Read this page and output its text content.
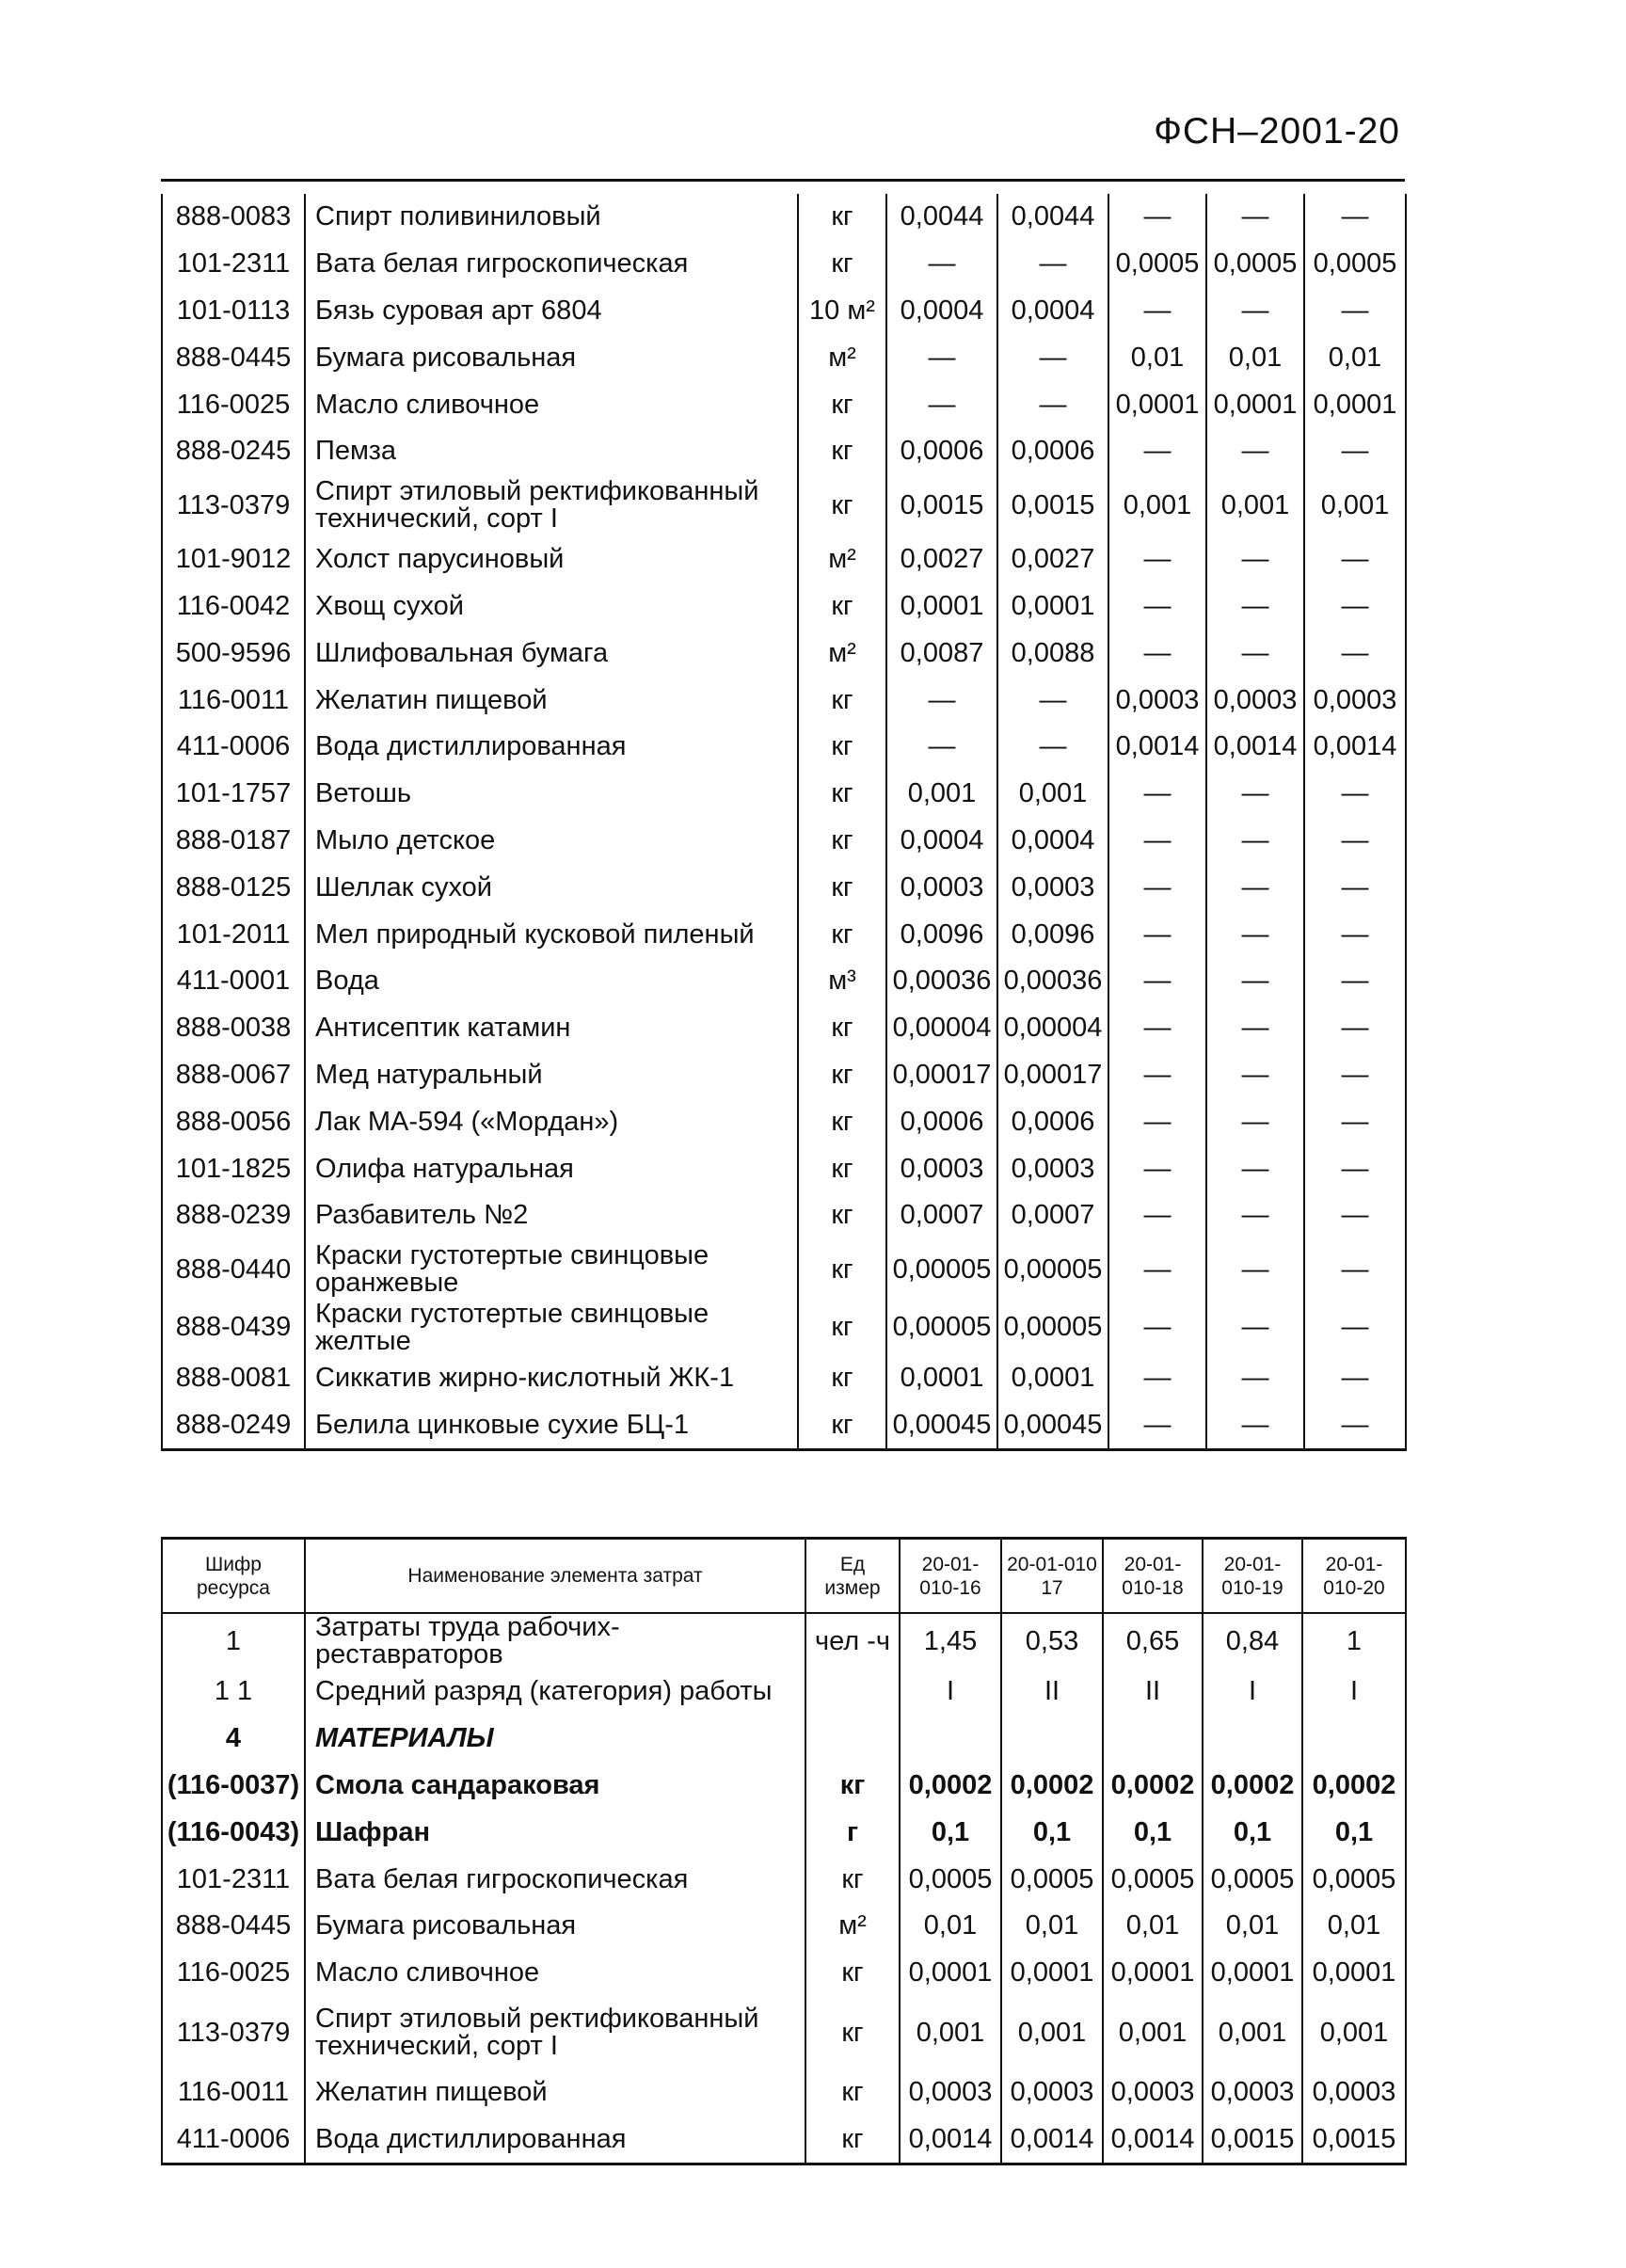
ФСН–2001-20
888-0083	Спирт поливиниловый	кг	0,0044	0,0044	—	—	—
101-2311	Вата белая гигроскопическая	кг	—	—	0,0005	0,0005	0,0005
101-0113	Бязь суровая арт 6804	10 м²	0,0004	0,0004	—	—	—
888-0445	Бумага рисовальная	м²	—	—	0,01	0,01	0,01
116-0025	Масло сливочное	кг	—	—	0,0001	0,0001	0,0001
888-0245	Пемза	кг	0,0006	0,0006	—	—	—
113-0379	Спирт этиловый ректификованный технический, сорт I	кг	0,0015	0,0015	0,001	0,001	0,001
101-9012	Холст парусиновый	м²	0,0027	0,0027	—	—	—
116-0042	Хвощ сухой	кг	0,0001	0,0001	—	—	—
500-9596	Шлифовальная бумага	м²	0,0087	0,0088	—	—	—
116-0011	Желатин пищевой	кг	—	—	0,0003	0,0003	0,0003
411-0006	Вода дистиллированная	кг	—	—	0,0014	0,0014	0,0014
101-1757	Ветошь	кг	0,001	0,001	—	—	—
888-0187	Мыло детское	кг	0,0004	0,0004	—	—	—
888-0125	Шеллак сухой	кг	0,0003	0,0003	—	—	—
101-2011	Мел природный кусковой пиленый	кг	0,0096	0,0096	—	—	—
411-0001	Вода	м³	0,00036	0,00036	—	—	—
888-0038	Антисептик катамин	кг	0,00004	0,00004	—	—	—
888-0067	Мед натуральный	кг	0,00017	0,00017	—	—	—
888-0056	Лак МА-594 («Мордан»)	кг	0,0006	0,0006	—	—	—
101-1825	Олифа натуральная	кг	0,0003	0,0003	—	—	—
888-0239	Разбавитель №2	кг	0,0007	0,0007	—	—	—
888-0440	Краски густотертые свинцовые оранжевые	кг	0,00005	0,00005	—	—	—
888-0439	Краски густотертые свинцовые желтые	кг	0,00005	0,00005	—	—	—
888-0081	Сиккатив жирно-кислотный ЖК-1	кг	0,0001	0,0001	—	—	—
888-0249	Белила цинковые сухие БЦ-1	кг	0,00045	0,00045	—	—	—
Шифр ресурса	Наименование элемента затрат	Ед измер	20-01-010-16	20-01-010 17	20-01-010-18	20-01-010-19	20-01-010-20
1	Затраты труда рабочих-реставраторов	чел -ч	1,45	0,53	0,65	0,84	1
1 1	Средний разряд (категория) работы		I	II	II	I	I
4	МАТЕРИАЛЫ						
(116-0037)	Смола сандараковая	кг	0,0002	0,0002	0,0002	0,0002	0,0002
(116-0043)	Шафран	г	0,1	0,1	0,1	0,1	0,1
101-2311	Вата белая гигроскопическая	кг	0,0005	0,0005	0,0005	0,0005	0,0005
888-0445	Бумага рисовальная	м²	0,01	0,01	0,01	0,01	0,01
116-0025	Масло сливочное	кг	0,0001	0,0001	0,0001	0,0001	0,0001
113-0379	Спирт этиловый ректификованный технический, сорт I	кг	0,001	0,001	0,001	0,001	0,001
116-0011	Желатин пищевой	кг	0,0003	0,0003	0,0003	0,0003	0,0003
411-0006	Вода дистиллированная	кг	0,0014	0,0014	0,0014	0,0015	0,0015
